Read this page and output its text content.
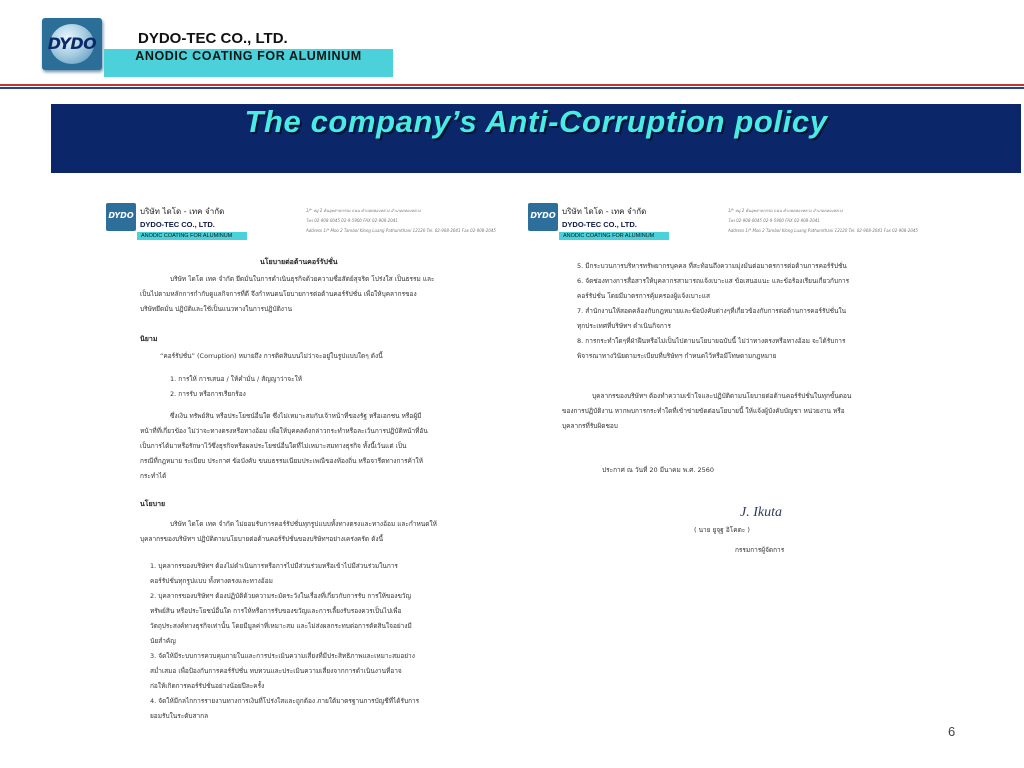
DYDO	DYDO-TEC CO., LTD.
ANODIC COATING FOR ALUMINUM
The company’s Anti-Corruption policy
DYDO บริษัท ไดโด - เทค จำกัด
DYDO-TEC CO., LTD.
ANODIC COATING FOR ALUMINUM
1/* หมู่ 2 ต้นอุตสาหกรรม ถนน ตำบลคลองหลวง อำเภอคลองหลวง
โทร 02-908-0045 02-9-5900 FAX 02-908-2041
Address 1/* Moo 2 Tambol Klong Luang Pathumthani 12120 Tel. 02-908-2041 Fax 02-908-2045
นโยบายต่อต้านคอร์รัปชั่น
บริษัท ไดโด เทค จำกัด ยึดมั่นในการดำเนินธุรกิจด้วยความซื่อสัตย์สุจริต โปร่งใส เป็นธรรม และ
เป็นไปตามหลักการกำกับดูแลกิจการที่ดี จึงกำหนดนโยบายการต่อต้านคอร์รัปชั่น เพื่อให้บุคลากรของ
บริษัทยึดมั่น ปฏิบัติและใช้เป็นแนวทางในการปฏิบัติงาน
นิยาม
“คอร์รัปชั่น” (Corruption) หมายถึง การติดสินบนไม่ว่าจะอยู่ในรูปแบบใดๆ ดังนี้
1. การให้ การเสนอ / ให้คำมั่น / สัญญาว่าจะให้
2. การรับ หรือการเรียกร้อง
ซึ่งเงิน ทรัพย์สิน หรือประโยชน์อื่นใด ซึ่งไม่เหมาะสมกับเจ้าหน้าที่ของรัฐ หรือเอกชน หรือผู้มี
หน้าที่ที่เกี่ยวข้อง ไม่ว่าจะทางตรงหรือทางอ้อม เพื่อให้บุคคลดังกล่าวกระทำหรือละเว้นการปฏิบัติหน้าที่อัน
เป็นการได้มาหรือรักษาไว้ซึ่งธุรกิจหรือผลประโยชน์อื่นใดที่ไม่เหมาะสมทางธุรกิจ ทั้งนี้เว้นแต่ เป็น
กรณีที่กฎหมาย ระเบียบ ประกาศ ข้อบังคับ ขนบธรรมเนียมประเพณีของท้องถิ่น หรือจารีตทางการค้าให้
กระทำได้
นโยบาย
บริษัท ไดโด เทค จำกัด ไม่ยอมรับการคอร์รัปชั่นทุกรูปแบบทั้งทางตรงและทางอ้อม และกำหนดให้
บุคลากรของบริษัทฯ ปฏิบัติตามนโยบายต่อต้านคอร์รัปชั่นของบริษัทฯอย่างเคร่งครัด ดังนี้
1. บุคลากรของบริษัทฯ ต้องไม่ดำเนินการหรือการไปมีส่วนร่วมหรือเข้าไปมีส่วนร่วมในการ
คอร์รัปชั่นทุกรูปแบบ ทั้งทางตรงและทางอ้อม
2. บุคลากรของบริษัทฯ ต้องปฏิบัติด้วยความระมัดระวังในเรื่องที่เกี่ยวกับการรับ การให้ของขวัญ
ทรัพย์สิน หรือประโยชน์อื่นใด การให้หรือการรับของขวัญและการเลี้ยงรับรองควรเป็นไปเพื่อ
วัตถุประสงค์ทางธุรกิจเท่านั้น โดยมีมูลค่าที่เหมาะสม และไม่ส่งผลกระทบต่อการตัดสินใจอย่างมี
นัยสำคัญ
3. จัดให้มีระบบการควบคุมภายในและการประเมินความเสี่ยงที่มีประสิทธิภาพและเหมาะสมอย่าง
สม่ำเสมอ เพื่อป้องกันการคอร์รัปชั่น ทบทวนและประเมินความเสี่ยงจากการดำเนินงานที่อาจ
ก่อให้เกิดการคอร์รัปชั่นอย่างน้อยปีละครั้ง
4. จัดให้มีกลไกการรายงานทางการเงินที่โปร่งใสและถูกต้อง ภายใต้มาตรฐานการบัญชีที่ได้รับการ
ยอมรับในระดับสากล
DYDO บริษัท ไดโด - เทค จำกัด
DYDO-TEC CO., LTD.
ANODIC COATING FOR ALUMINUM
1/* หมู่ 2 ต้นอุตสาหกรรม ถนน ตำบลคลองหลวง อำเภอคลองหลวง
โทร 02-908-0045 02-9-5900 FAX 02-908-2041
Address 1/* Moo 2 Tambol Klong Luang Pathumthani 12120 Tel. 02-908-2041 Fax 02-908-2045
5. มีกระบวนการบริหารทรัพยากรบุคคล ที่สะท้อนถึงความมุ่งมั่นต่อมาตรการต่อต้านการคอร์รัปชั่น
6. จัดช่องทางการสื่อสารให้บุคลากรสามารถแจ้งเบาะแส ข้อเสนอแนะ และข้อร้องเรียนเกี่ยวกับการ
คอร์รัปชั่น โดยมีมาตรการคุ้มครองผู้แจ้งเบาะแส
7. สำนักงานให้สอดคล้องกับกฎหมายและข้อบังคับต่างๆที่เกี่ยวข้องกับการต่อต้านการคอร์รัปชั่นใน
ทุกประเทศที่บริษัทฯ ดำเนินกิจการ
8. การกระทำใดๆที่ฝ่าฝืนหรือไม่เป็นไปตามนโยบายฉบับนี้ ไม่ว่าทางตรงหรือทางอ้อม จะได้รับการ
พิจารณาทางวินัยตามระเบียบที่บริษัทฯ กำหนดไว้หรือมีโทษตามกฎหมาย
บุคลากรของบริษัทฯ ต้องทำความเข้าใจและปฏิบัติตามนโยบายต่อต้านคอร์รัปชั่นในทุกขั้นตอน
ของการปฏิบัติงาน หากพบการกระทำใดที่เข้าข่ายขัดต่อนโยบายนี้ ให้แจ้งผู้บังคับบัญชา หน่วยงาน หรือ
บุคลากรที่รับผิดชอบ
ประกาศ ณ วันที่ 20 มีนาคม พ.ศ. 2560
J. Ikuta
( นาย ยูจุฐ อิโคตะ )
กรรมการผู้จัดการ
6
